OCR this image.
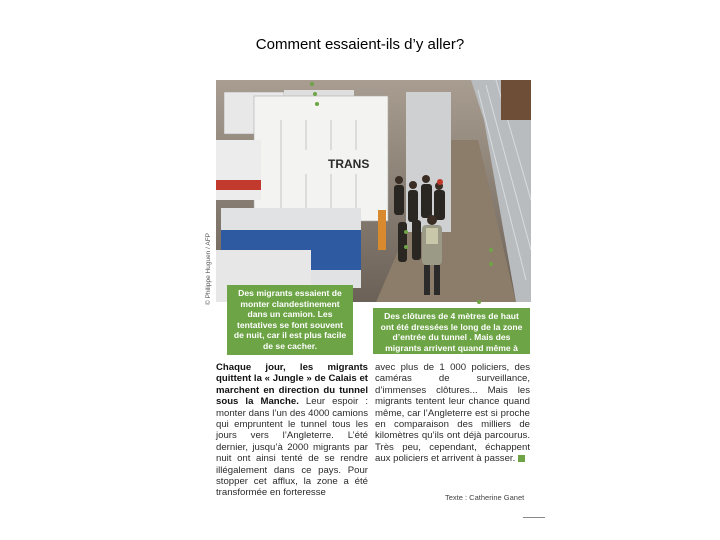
Comment essaient-ils d’y aller?
© Philippe Huguen / AFP
TRANS
Des migrants essaient de monter clandestinement dans un camion. Les tentatives se font souvent de nuit, car il est plus facile de se cacher.
Des clôtures de 4 mètres de haut ont été dressées le long de la zone d’entrée du tunnel . Mais des migrants arrivent quand même à passer.
Chaque jour, les migrants quittent la « Jungle » de Calais et marchent en direction du tunnel sous la Manche. Leur espoir : monter dans l’un des 4000 camions qui empruntent le tunnel tous les jours vers l’Angleterre. L’été dernier, jusqu’à 2000 migrants par nuit ont ainsi tenté de se rendre illégalement dans ce pays. Pour stopper cet afflux, la zone a été transformée en forteresse
avec plus de 1 000 policiers, des caméras de surveillance, d’immenses clôtures... Mais les migrants tentent leur chance quand même, car l’Angleterre est si proche en comparaison des milliers de kilomètres qu’ils ont déjà parcourus. Très peu, cependant, échappent aux policiers et arrivent à passer.
Texte : Catherine Ganet
